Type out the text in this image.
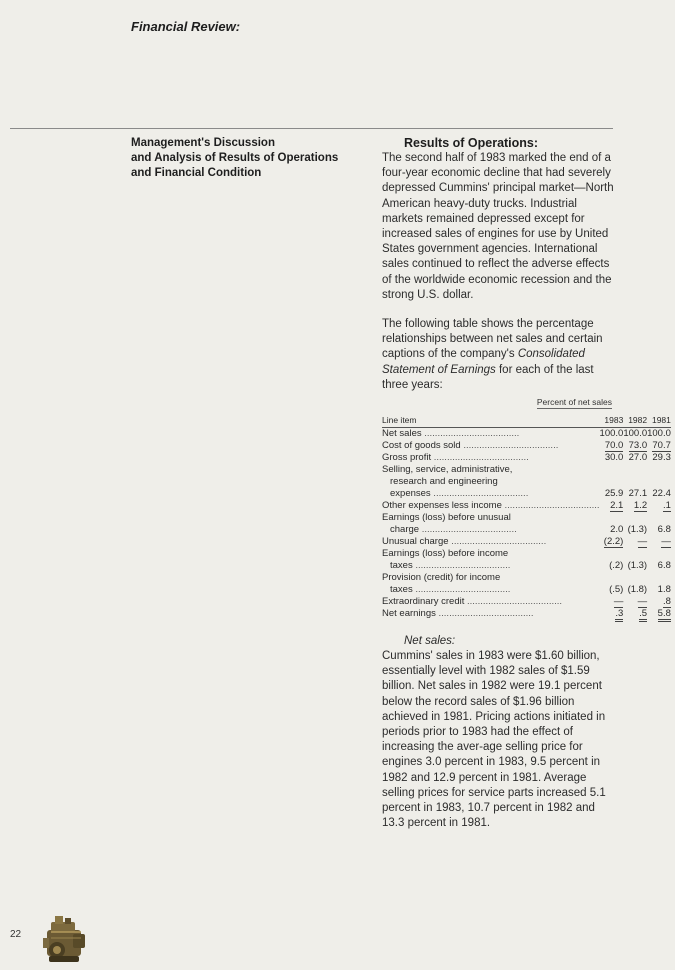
Financial Review:
Management's Discussion
and Analysis of Results of Operations
and Financial Condition
Results of Operations:

The second half of 1983 marked the end of a four-year economic decline that had severely depressed Cummins' principal market—North American heavy-duty trucks. Industrial markets remained depressed except for increased sales of engines for use by United States government agencies. International sales continued to reflect the adverse effects of the worldwide economic recession and the strong U.S. dollar.

The following table shows the percentage relationships between net sales and certain captions of the company's Consolidated Statement of Earnings for each of the last three years:

Percent of net sales
Line item	1983	1982	1981
Net sales ....................................	100.0	100.0	100.0
Cost of goods sold ....................................	70.0	73.0	70.7
Gross profit ....................................	30.0	27.0	29.3
Selling, service, administrative,			
research and engineering			
expenses ....................................	25.9	27.1	22.4
Other expenses less income ....................................	2.1	1.2	.1
Earnings (loss) before unusual			
charge ....................................	2.0	(1.3)	6.8
Unusual charge ....................................	(2.2)	—	—
Earnings (loss) before income			
taxes ....................................	(.2)	(1.3)	6.8
Provision (credit) for income			
taxes ....................................	(.5)	(1.8)	1.8
Extraordinary credit ....................................	—	—	.8
Net earnings ....................................	.3	.5	5.8
Net sales:

Cummins' sales in 1983 were $1.60 billion, essentially level with 1982 sales of $1.59 billion. Net sales in 1982 were 19.1 percent below the record sales of $1.96 billion achieved in 1981. Pricing actions initiated in periods prior to 1983 had the effect of increasing the aver-age selling price for engines 3.0 percent in 1983, 9.5 percent in 1982 and 12.9 percent in 1981. Average selling prices for service parts increased 5.1 percent in 1983, 10.7 percent in 1982 and 13.3 percent in 1981.

22
